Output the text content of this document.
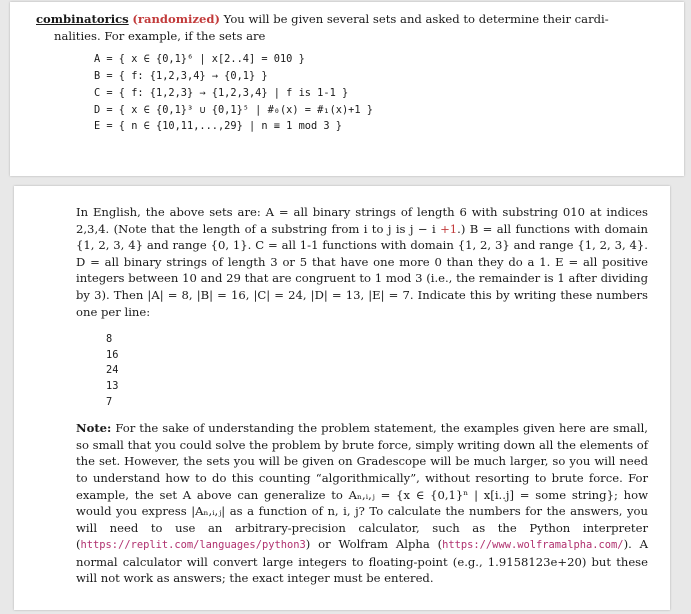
combinatorics (randomized) You will be given several sets and asked to determine their cardi-
nalities. For example, if the sets are

A = { x ∈ {0,1}⁶ | x[2..4] = 010 }
B = { f: {1,2,3,4} → {0,1} }
C = { f: {1,2,3} → {1,2,3,4} | f is 1-1 }
D = { x ∈ {0,1}³ ∪ {0,1}⁵ | #₀(x) = #₁(x)+1 }
E = { n ∈ {10,11,...,29} | n ≡ 1 mod 3 }

In English, the above sets are: A = all binary strings of length 6 with substring 010 at indices 2,3,4. (Note that the length of a substring from i to j is j − i +1.) B = all functions with domain {1, 2, 3, 4} and range {0, 1}. C = all 1-1 functions with domain {1, 2, 3} and range {1, 2, 3, 4}. D = all binary strings of length 3 or 5 that have one more 0 than they do a 1. E = all positive integers between 10 and 29 that are congruent to 1 mod 3 (i.e., the remainder is 1 after dividing by 3). Then |A| = 8, |B| = 16, |C| = 24, |D| = 13, |E| = 7. Indicate this by writing these numbers one per line:

8
16
24
13
7

Note: For the sake of understanding the problem statement, the examples given here are small, so small that you could solve the problem by brute force, simply writing down all the elements of the set. However, the sets you will be given on Gradescope will be much larger, so you will need to understand how to do this counting “algorithmically”, without resorting to brute force. For example, the set A above can generalize to Aₙ,ᵢ,ⱼ = {x ∈ {0,1}ⁿ | x[i..j] = some string}; how would you express |Aₙ,ᵢ,ⱼ| as a function of n, i, j? To calculate the numbers for the answers, you will need to use an arbitrary-precision calculator, such as the Python interpreter (https://replit.com/languages/python3) or Wolfram Alpha (https://www.wolframalpha.com/). A normal calculator will convert large integers to floating-point (e.g., 1.9158123e+20) but these will not work as answers; the exact integer must be entered.
